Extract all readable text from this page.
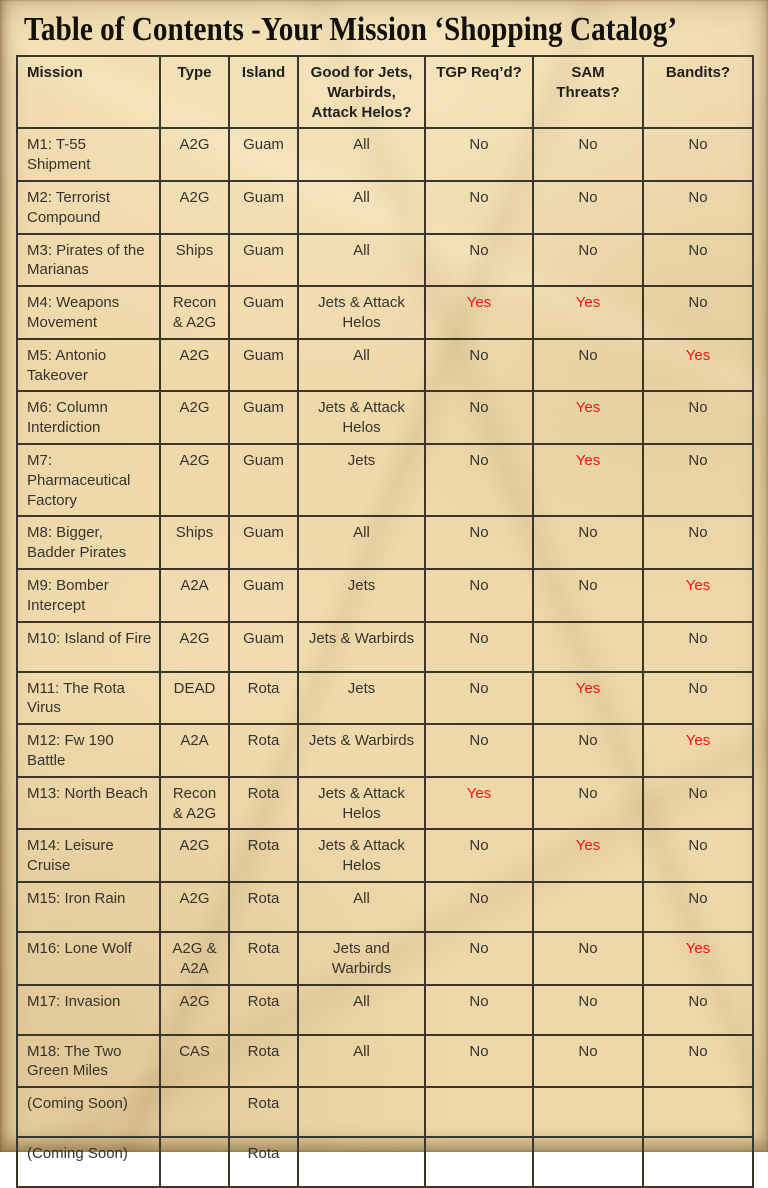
Table of Contents -Your Mission ‘Shopping Catalog’
Mission	Type	Island	Good for Jets, Warbirds, Attack Helos?	TGP Req’d?	SAM Threats?	Bandits?
M1: T-55 Shipment	A2G	Guam	All	No	No	No
M2: Terrorist Compound	A2G	Guam	All	No	No	No
M3: Pirates of the Marianas	Ships	Guam	All	No	No	No
M4: Weapons Movement	Recon & A2G	Guam	Jets & Attack Helos	Yes	Yes	No
M5: Antonio Takeover	A2G	Guam	All	No	No	Yes
M6: Column Interdiction	A2G	Guam	Jets & Attack Helos	No	Yes	No
M7: Pharmaceutical Factory	A2G	Guam	Jets	No	Yes	No
M8: Bigger, Badder Pirates	Ships	Guam	All	No	No	No
M9: Bomber Intercept	A2A	Guam	Jets	No	No	Yes
M10: Island of Fire	A2G	Guam	Jets & Warbirds	No		No
M11: The Rota Virus	DEAD	Rota	Jets	No	Yes	No
M12: Fw 190 Battle	A2A	Rota	Jets & Warbirds	No	No	Yes
M13: North Beach	Recon & A2G	Rota	Jets & Attack Helos	Yes	No	No
M14: Leisure Cruise	A2G	Rota	Jets & Attack Helos	No	Yes	No
M15: Iron Rain	A2G	Rota	All	No		No
M16: Lone Wolf	A2G & A2A	Rota	Jets and Warbirds	No	No	Yes
M17: Invasion	A2G	Rota	All	No	No	No
M18: The Two Green Miles	CAS	Rota	All	No	No	No
(Coming Soon)		Rota				
(Coming Soon)		Rota				
